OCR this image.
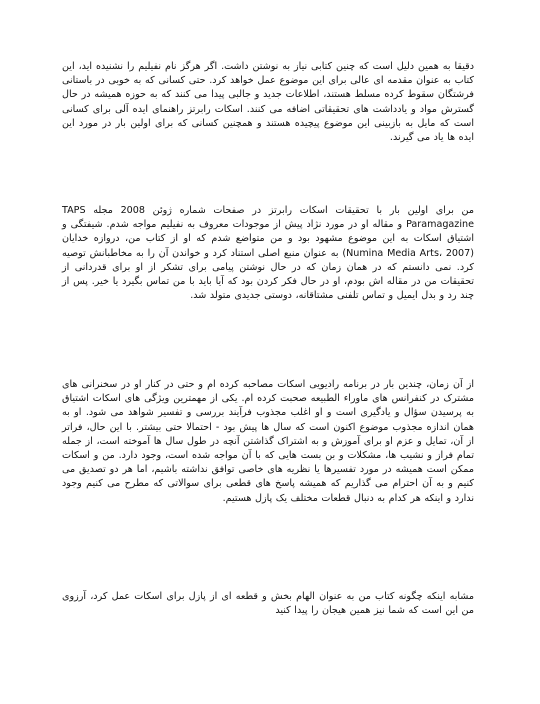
دقیقا به همین دلیل است که چنین کتابی نیاز به نوشتن داشت. اگر هرگز نام نفیلیم را نشنیده اید، این کتاب به عنوان مقدمه ای عالی برای این موضوع عمل خواهد کرد. حتی کسانی که به خوبی در باستانی فرشتگان سقوط کرده مسلط هستند، اطلاعات جدید و جالبی پیدا می کنند که به حوزه همیشه در حال گسترش مواد و یادداشت های تحقیقاتی اضافه می کنند. اسکات رابرتز راهنمای ایده آلی برای کسانی است که مایل به بازبینی این موضوع پیچیده هستند و همچنین کسانی که برای اولین بار در مورد این ایده ها یاد می گیرند.

من برای اولین بار با تحقیقات اسکات رابرتز در صفحات شماره ژوئن 2008 مجله TAPS Paramagazine و مقاله او در مورد نژاد پیش از موجودات معروف به نفیلیم مواجه شدم. شیفتگی و اشتیاق اسکات به این موضوع مشهود بود و من متواضع شدم که او از کتاب من، دروازه خدایان (Numina Media Arts، 2007) به عنوان منبع اصلی استناد کرد و خواندن آن را به مخاطبانش توصیه کرد. نمی دانستم که در همان زمان که در حال نوشتن پیامی برای تشکر از او برای قدردانی از تحقیقات من در مقاله اش بودم، او در حال فکر کردن بود که آیا باید با من تماس بگیرد یا خیر. پس از چند رد و بدل ایمیل و تماس تلفنی مشتاقانه، دوستی جدیدی متولد شد.

از آن زمان، چندین بار در برنامه رادیویی اسکات مصاحبه کرده ام و حتی در کنار او در سخنرانی های مشترک در کنفرانس های ماوراء الطبیعه صحبت کرده ام. یکی از مهمترین ویژگی های اسکات اشتیاق به پرسیدن سؤال و یادگیری است و او اغلب مجذوب فرآیند بررسی و تفسیر شواهد می شود. او به همان اندازه مجذوب موضوع اکنون است که سال ها پیش بود - احتمالا حتی بیشتر. با این حال، فراتر از آن، تمایل و عزم او برای آموزش و به اشتراک گذاشتن آنچه در طول سال ها آموخته است، از جمله تمام فراز و نشیب ها، مشکلات و بن بست هایی که با آن مواجه شده است، وجود دارد. من و اسکات ممکن است همیشه در مورد تفسیرها یا نظریه های خاصی توافق نداشته باشیم، اما هر دو تصدیق می کنیم و به آن احترام می گذاریم که همیشه پاسخ های قطعی برای سوالاتی که مطرح می کنیم وجود ندارد و اینکه هر کدام به دنبال قطعات مختلف یک پازل هستیم.

مشابه اینکه چگونه کتاب من به عنوان الهام بخش و قطعه ای از پازل برای اسکات عمل کرد، آرزوی من این است که شما نیز همین هیجان را پیدا کنید
